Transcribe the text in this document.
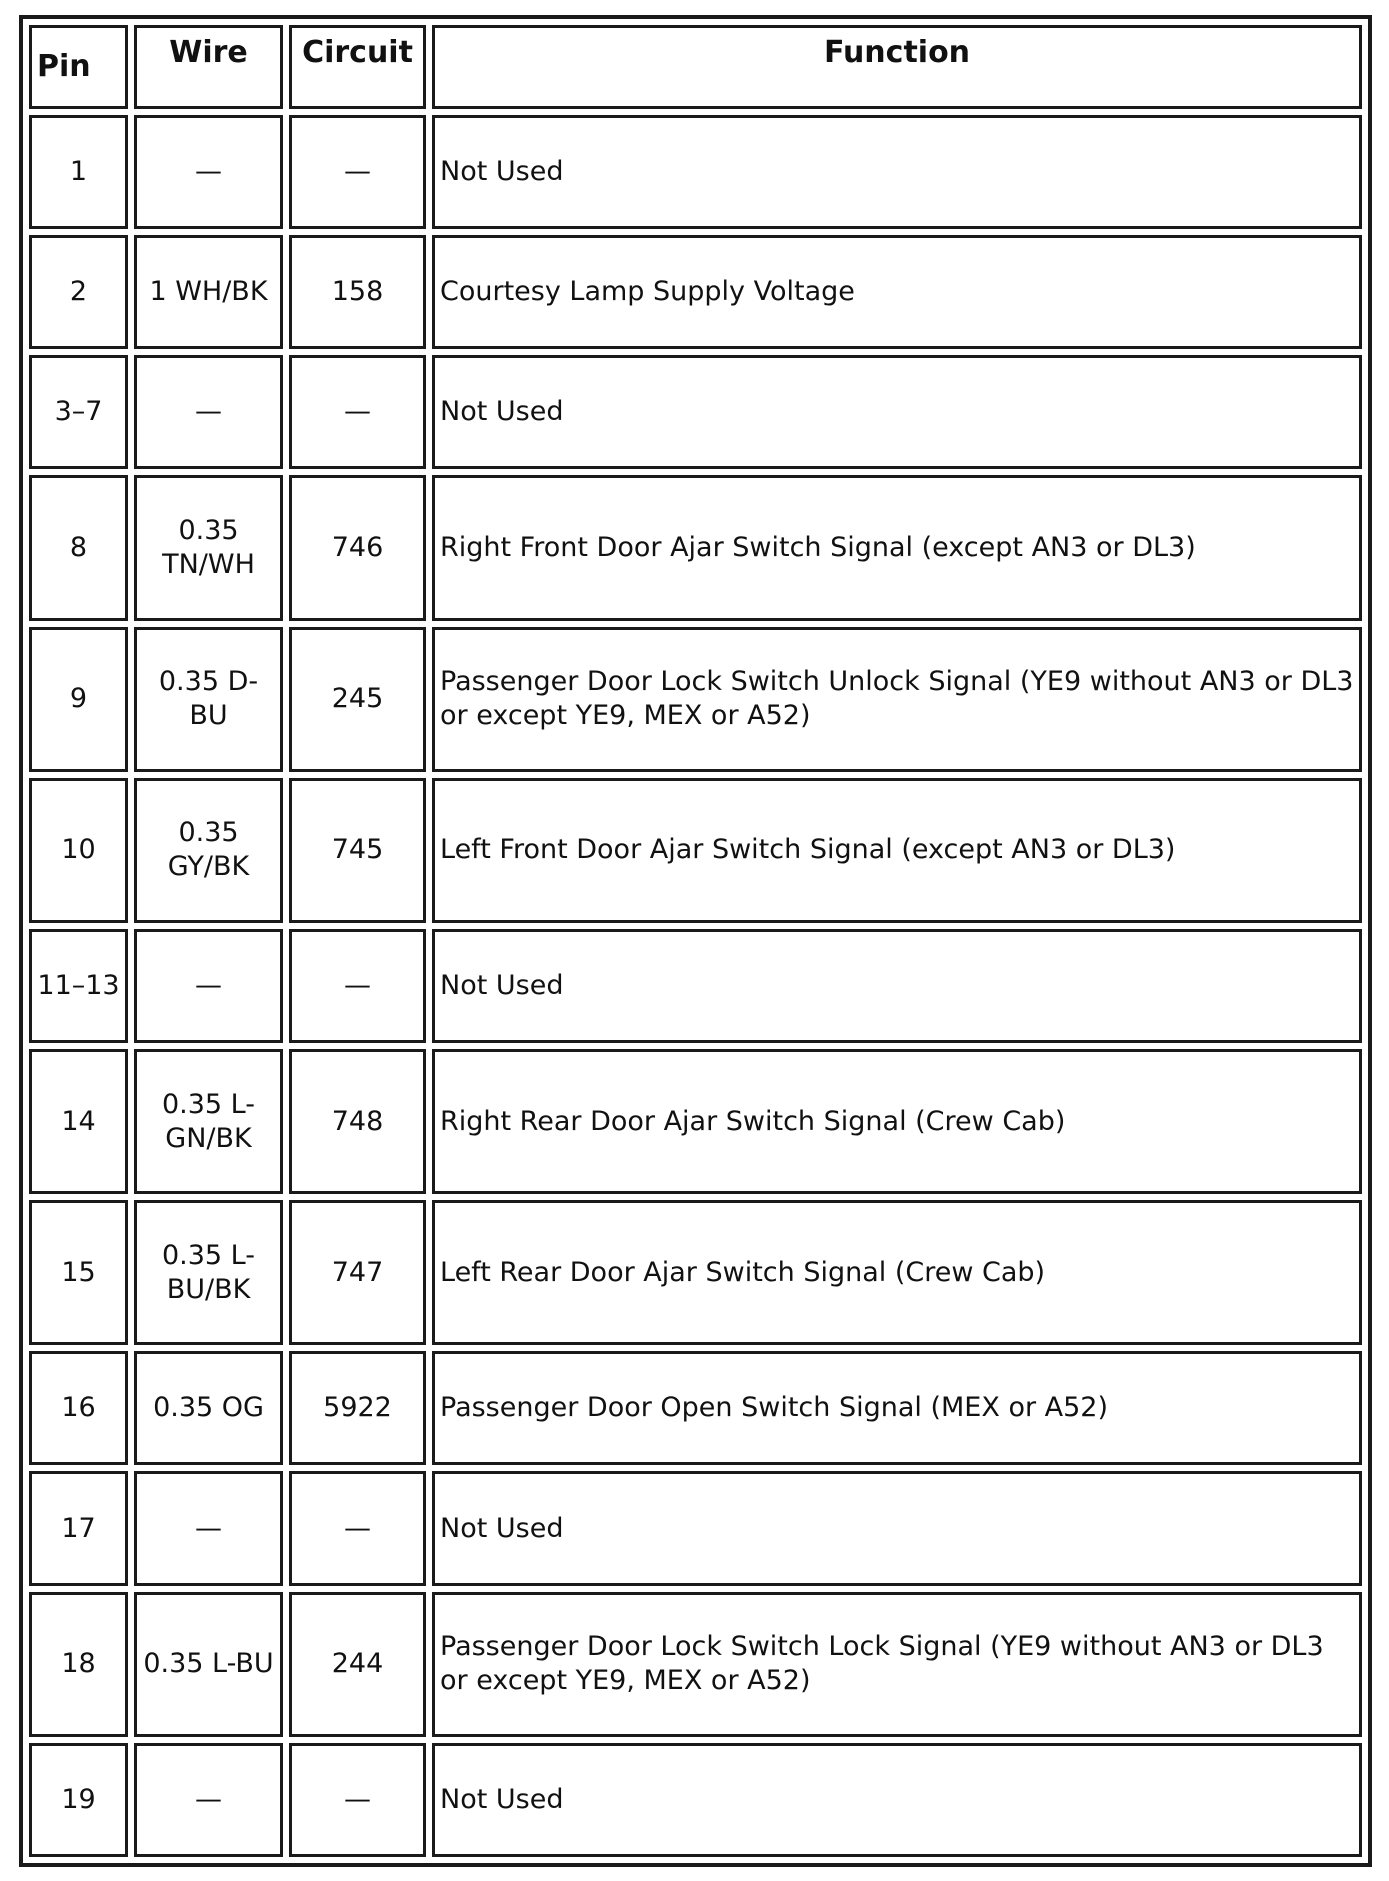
Pin	Wire	Circuit	Function
1	—	—	Not Used
2	1 WH/BK	158	Courtesy Lamp Supply Voltage
3–7	—	—	Not Used
8	0.35 TN/WH	746	Right Front Door Ajar Switch Signal (except AN3 or DL3)
9	0.35 D-BU	245	Passenger Door Lock Switch Unlock Signal (YE9 without AN3 or DL3 or except YE9, MEX or A52)
10	0.35 GY/BK	745	Left Front Door Ajar Switch Signal (except AN3 or DL3)
11–13	—	—	Not Used
14	0.35 L-GN/BK	748	Right Rear Door Ajar Switch Signal (Crew Cab)
15	0.35 L-BU/BK	747	Left Rear Door Ajar Switch Signal (Crew Cab)
16	0.35 OG	5922	Passenger Door Open Switch Signal (MEX or A52)
17	—	—	Not Used
18	0.35 L-BU	244	Passenger Door Lock Switch Lock Signal (YE9 without AN3 or DL3 or except YE9, MEX or A52)
19	—	—	Not Used
